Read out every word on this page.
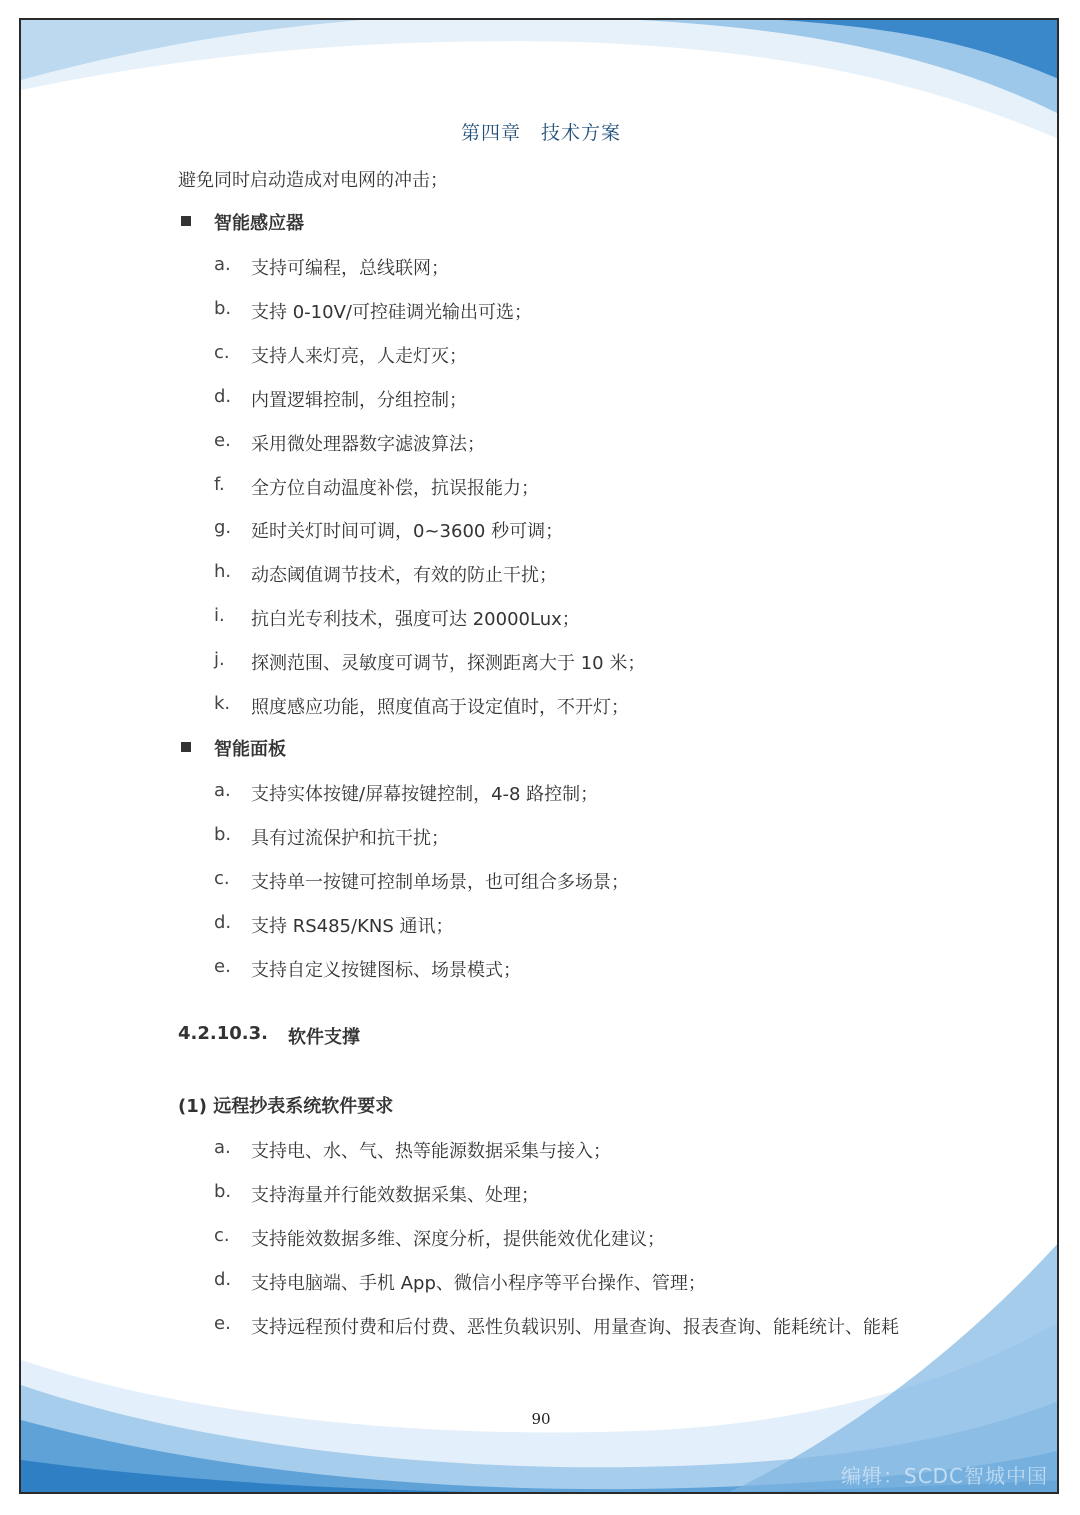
第四章　技术方案
避免同时启动造成对电网的冲击；
智能感应器
a. 支持可编程，总线联网；
b. 支持 0-10V/可控硅调光输出可选；
c. 支持人来灯亮，人走灯灭；
d. 内置逻辑控制，分组控制；
e. 采用微处理器数字滤波算法；
f. 全方位自动温度补偿，抗误报能力；
g. 延时关灯时间可调，0~3600 秒可调；
h. 动态阈值调节技术，有效的防止干扰；
i. 抗白光专利技术，强度可达 20000Lux；
j. 探测范围、灵敏度可调节，探测距离大于 10 米；
k. 照度感应功能，照度值高于设定值时，不开灯；
智能面板
a. 支持实体按键/屏幕按键控制，4-8 路控制；
b. 具有过流保护和抗干扰；
c. 支持单一按键可控制单场景，也可组合多场景；
d. 支持 RS485/KNS 通讯；
e. 支持自定义按键图标、场景模式；
4.2.10.3. 软件支撑
(1) 远程抄表系统软件要求
a. 支持电、水、气、热等能源数据采集与接入；
b. 支持海量并行能效数据采集、处理；
c. 支持能效数据多维、深度分析，提供能效优化建议；
d. 支持电脑端、手机 App、微信小程序等平台操作、管理；
e. 支持远程预付费和后付费、恶性负载识别、用量查询、报表查询、能耗统计、能耗
90
编辑：SCDC智城中国
